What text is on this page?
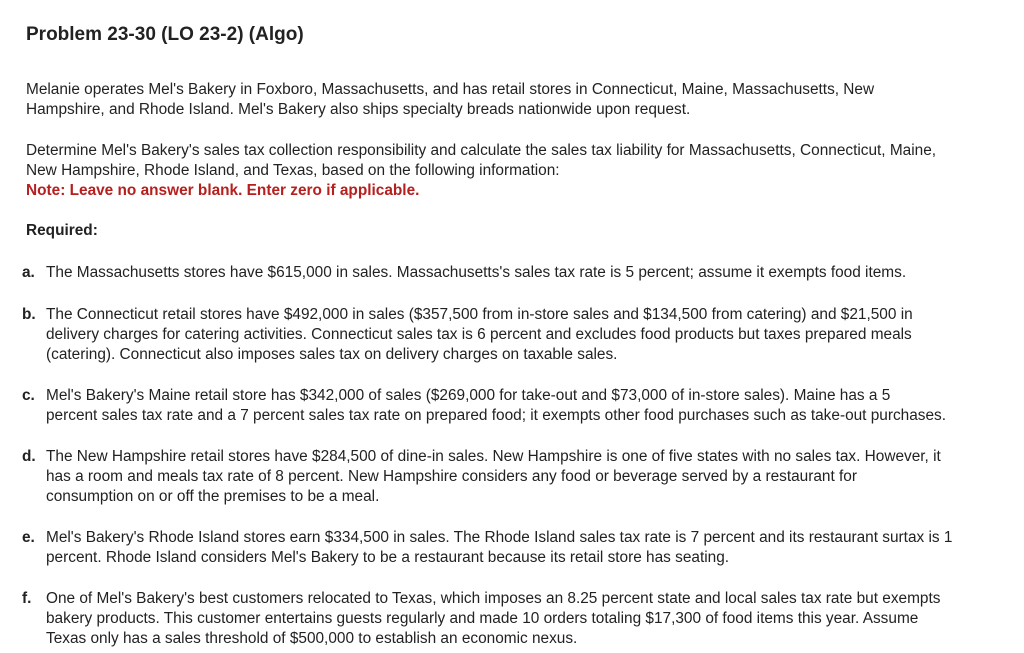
Problem 23-30 (LO 23-2) (Algo)
Melanie operates Mel's Bakery in Foxboro, Massachusetts, and has retail stores in Connecticut, Maine, Massachusetts, New
Hampshire, and Rhode Island. Mel's Bakery also ships specialty breads nationwide upon request.
Determine Mel's Bakery's sales tax collection responsibility and calculate the sales tax liability for Massachusetts, Connecticut, Maine,
New Hampshire, Rhode Island, and Texas, based on the following information:
Note: Leave no answer blank. Enter zero if applicable.
Required:
a. The Massachusetts stores have $615,000 in sales. Massachusetts's sales tax rate is 5 percent; assume it exempts food items.
b. The Connecticut retail stores have $492,000 in sales ($357,500 from in-store sales and $134,500 from catering) and $21,500 in
delivery charges for catering activities. Connecticut sales tax is 6 percent and excludes food products but taxes prepared meals
(catering). Connecticut also imposes sales tax on delivery charges on taxable sales.
c. Mel's Bakery's Maine retail store has $342,000 of sales ($269,000 for take-out and $73,000 of in-store sales). Maine has a 5
percent sales tax rate and a 7 percent sales tax rate on prepared food; it exempts other food purchases such as take-out purchases.
d. The New Hampshire retail stores have $284,500 of dine-in sales. New Hampshire is one of five states with no sales tax. However, it
has a room and meals tax rate of 8 percent. New Hampshire considers any food or beverage served by a restaurant for
consumption on or off the premises to be a meal.
e. Mel's Bakery's Rhode Island stores earn $334,500 in sales. The Rhode Island sales tax rate is 7 percent and its restaurant surtax is 1
percent. Rhode Island considers Mel's Bakery to be a restaurant because its retail store has seating.
f. One of Mel's Bakery's best customers relocated to Texas, which imposes an 8.25 percent state and local sales tax rate but exempts
bakery products. This customer entertains guests regularly and made 10 orders totaling $17,300 of food items this year. Assume
Texas only has a sales threshold of $500,000 to establish an economic nexus.
